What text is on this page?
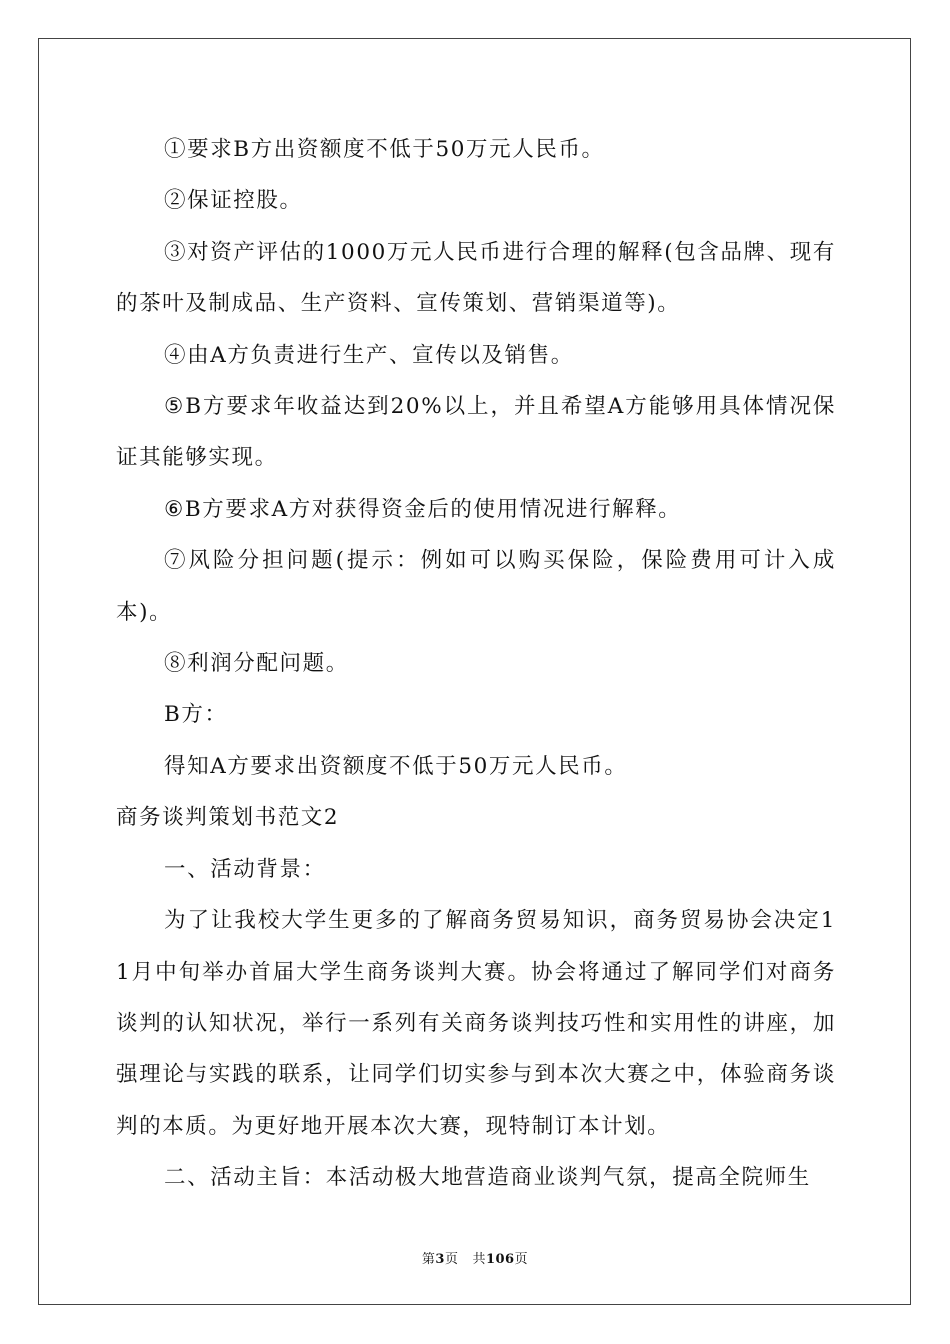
①要求B方出资额度不低于50万元人民币。

②保证控股。

③对资产评估的1000万元人民币进行合理的解释(包含品牌、现有的茶叶及制成品、生产资料、宣传策划、营销渠道等)。

④由A方负责进行生产、宣传以及销售。

⑤B方要求年收益达到20%以上，并且希望A方能够用具体情况保证其能够实现。

⑥B方要求A方对获得资金后的使用情况进行解释。

⑦风险分担问题(提示：例如可以购买保险，保险费用可计入成本)。

⑧利润分配问题。

B方：

得知A方要求出资额度不低于50万元人民币。

商务谈判策划书范文2

一、活动背景：

为了让我校大学生更多的了解商务贸易知识，商务贸易协会决定11月中旬举办首届大学生商务谈判大赛。协会将通过了解同学们对商务谈判的认知状况，举行一系列有关商务谈判技巧性和实用性的讲座，加强理论与实践的联系，让同学们切实参与到本次大赛之中，体验商务谈判的本质。为更好地开展本次大赛，现特制订本计划。

二、活动主旨：本活动极大地营造商业谈判气氛，提高全院师生

第3页 共106页
